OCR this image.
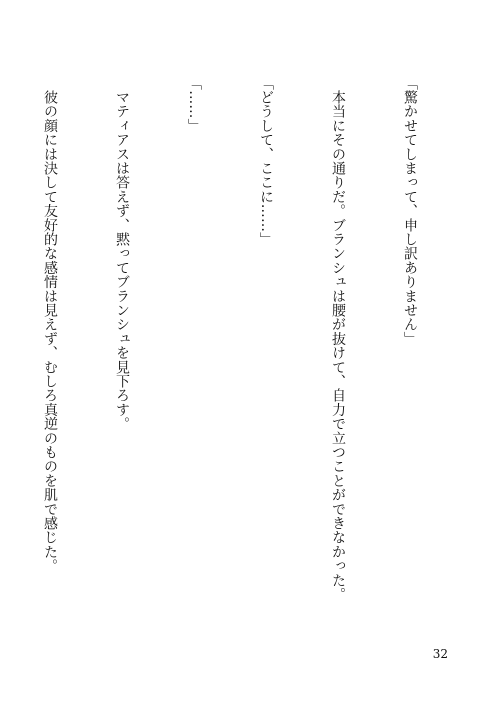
「驚かせてしまって、申し訳ありません」

　本当にその通りだ。ブランシュは腰が抜けて、自力で立つことができなかった。

「どうして、ここに……」

「……」

　マティアスは答えず、黙ってブランシュを見下ろす。

　彼の顔には決して友好的な感情は見えず、むしろ真逆のものを肌で感じた。

32
